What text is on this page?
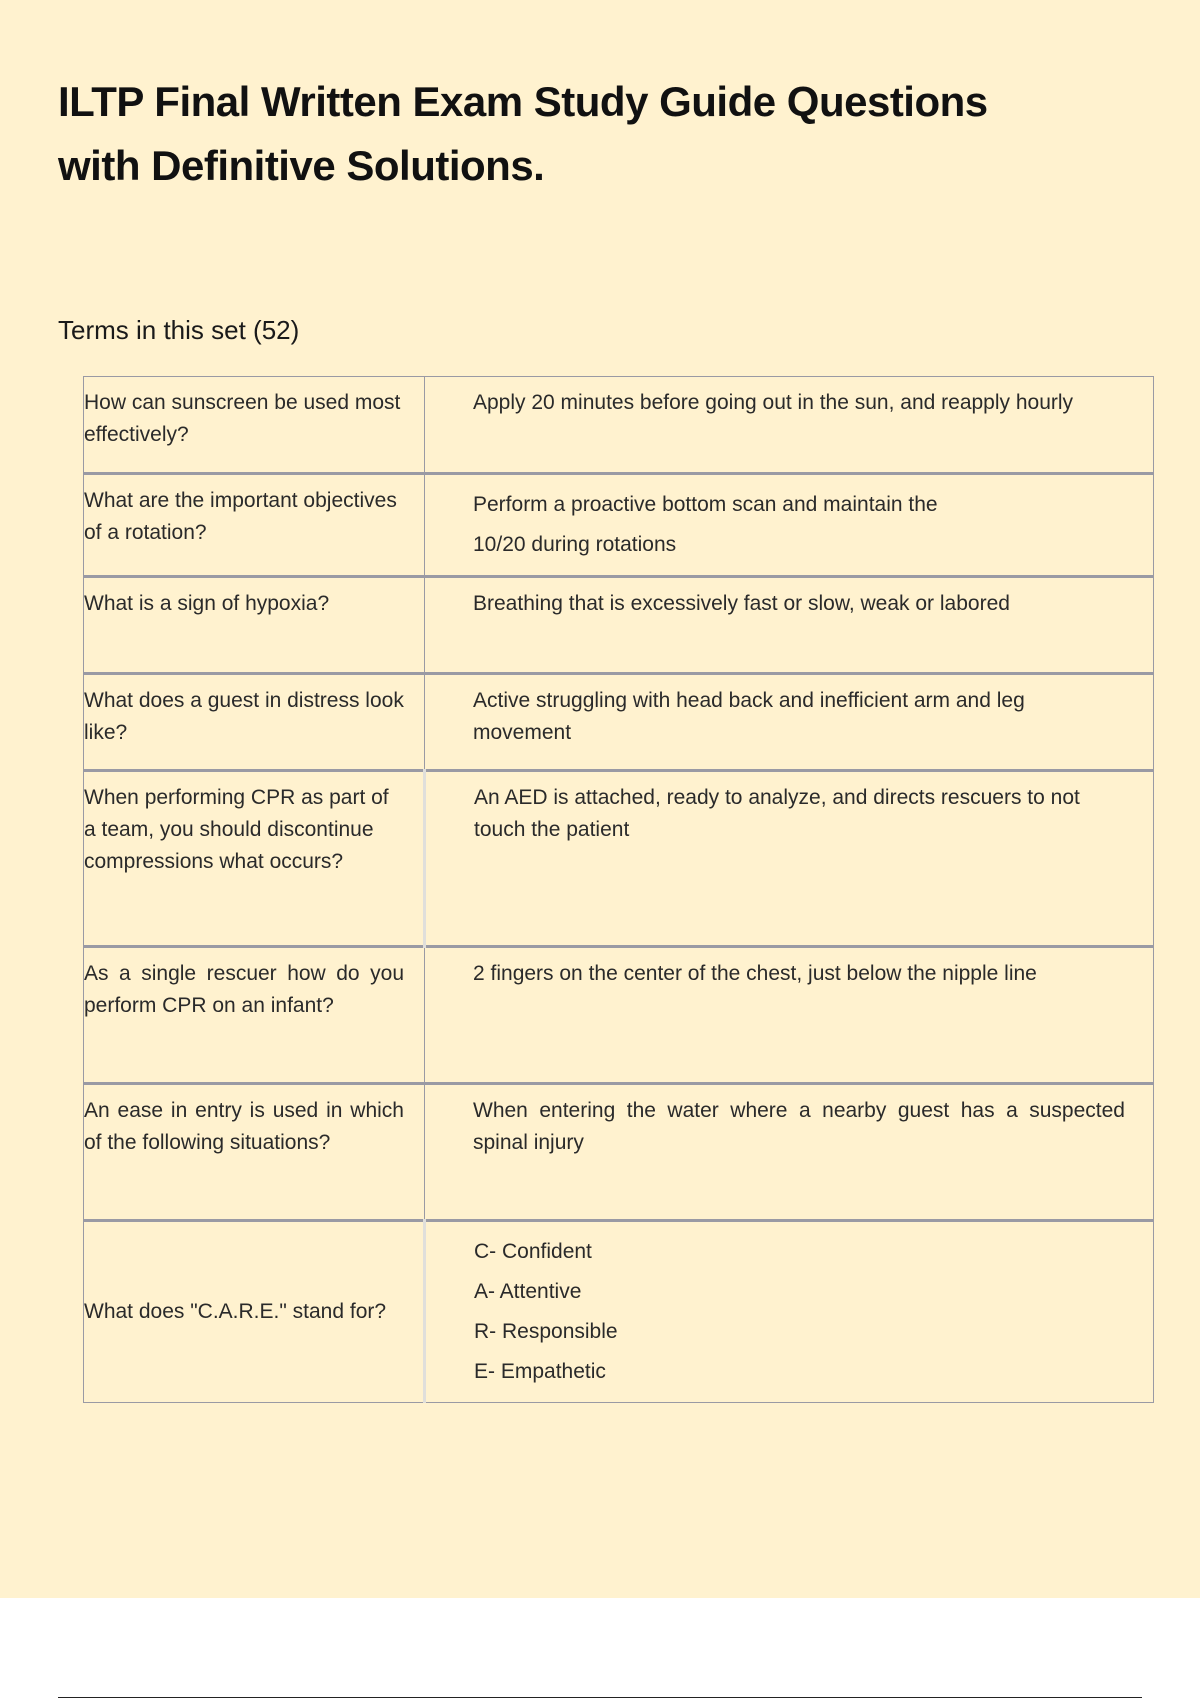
ILTP Final Written Exam Study Guide Questions
with Definitive Solutions.
Terms in this set (52)
How can sunscreen be used most effectively?	Apply 20 minutes before going out in the sun, and reapply hourly
What are the important objectives of a rotation?	Perform a proactive bottom scan and maintain the
10/20 during rotations

What is a sign of hypoxia?	Breathing that is excessively fast or slow, weak or labored
What does a guest in distress look like?	Active struggling with head back and inefficient arm and leg movement
When performing CPR as part of a team, you should discontinue compressions what occurs?	An AED is attached, ready to analyze, and directs rescuers to not touch the patient
As a single rescuer how do you perform CPR on an infant?	2 fingers on the center of the chest, just below the nipple line
An ease in entry is used in which of the following situations?	When entering the water where a nearby guest has a suspected spinal injury
What does "C.A.R.E." stand for?	C- Confident
A- Attentive
R- Responsible
E- Empathetic
